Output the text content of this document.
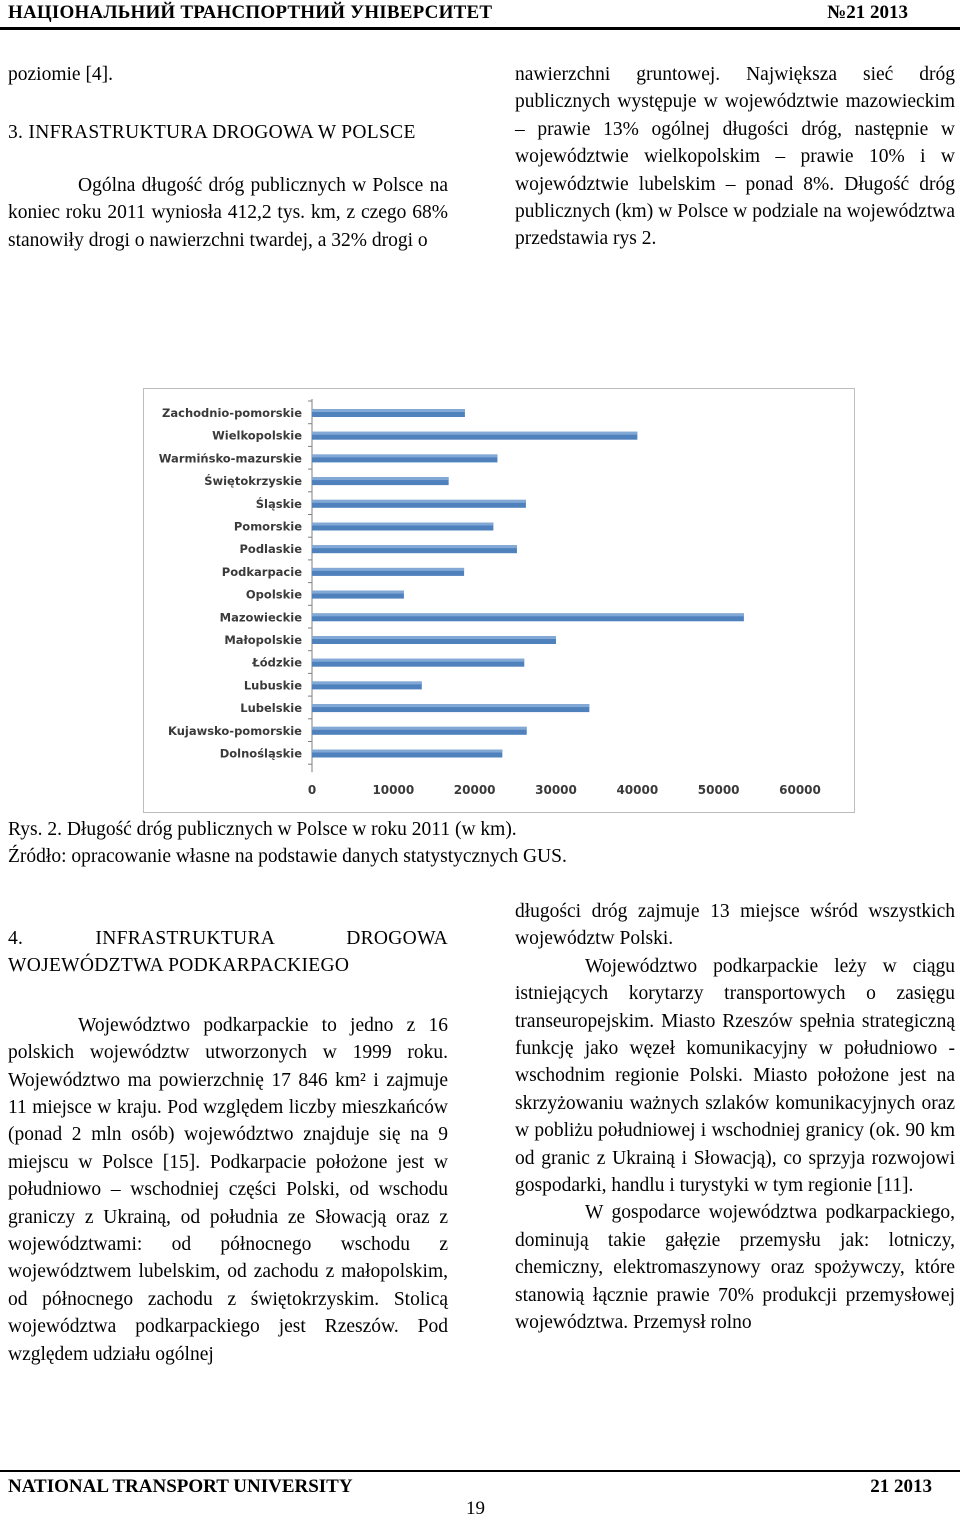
НАЦІОНАЛЬНИЙ ТРАНСПОРТНИЙ УНІВЕРСИТЕТ	№21 2013

poziomie [4].

3. INFRASTRUKTURA DROGOWA W POLSCE

Ogólna długość dróg publicznych w Polsce na koniec roku 2011 wyniosła 412,2 tys. km, z czego 68% stanowiły drogi o nawierzchni twardej, a 32% drogi o

nawierzchni gruntowej. Największa sieć dróg publicznych występuje w województwie mazowieckim – prawie 13% ogólnej długości dróg, następnie w województwie wielkopolskim – prawie 10% i w województwie lubelskim – ponad 8%. Długość dróg publicznych (km) w Polsce w podziale na województwa przedstawia rys 2.

Zachodnio-pomorskie
Wielkopolskie
Warmińsko-mazurskie
Świętokrzyskie
Śląskie
Pomorskie
Podlaskie
Podkarpacie
Opolskie
Mazowieckie
Małopolskie
Łódzkie
Lubuskie
Lubelskie
Kujawsko-pomorskie
Dolnośląskie
0	10000	20000	30000	40000	50000	60000
Rys. 2. Długość dróg publicznych w Polsce w roku 2011 (w km).
Źródło: opracowanie własne na podstawie danych statystycznych GUS.

4. INFRASTRUKTURA DROGOWA WOJEWÓDZTWA PODKARPACKIEGO

Województwo podkarpackie to jedno z 16 polskich województw utworzonych w 1999 roku. Województwo ma powierzchnię 17 846 km² i zajmuje 11 miejsce w kraju. Pod względem liczby mieszkańców (ponad 2 mln osób) województwo znajduje się na 9 miejscu w Polsce [15]. Podkarpacie położone jest w południowo – wschodniej części Polski, od wschodu graniczy z Ukrainą, od południa ze Słowacją oraz z województwami: od północnego wschodu z województwem lubelskim, od zachodu z małopolskim, od północnego zachodu z świętokrzyskim. Stolicą województwa podkarpackiego jest Rzeszów. Pod względem udziału ogólnej

długości dróg zajmuje 13 miejsce wśród wszystkich województw Polski.

Województwo podkarpackie leży w ciągu istniejących korytarzy transportowych o zasięgu transeuropejskim. Miasto Rzeszów spełnia strategiczną funkcję jako węzeł komunikacyjny w południowo - wschodnim regionie Polski. Miasto położone jest na skrzyżowaniu ważnych szlaków komunikacyjnych oraz w pobliżu południowej i wschodniej granicy (ok. 90 km od granic z Ukrainą i Słowacją), co sprzyja rozwojowi gospodarki, handlu i turystyki w tym regionie [11].

W gospodarce województwa podkarpackiego, dominują takie gałęzie przemysłu jak: lotniczy, chemiczny, elektromaszynowy oraz spożywczy, które stanowią łącznie prawie 70% produkcji przemysłowej województwa. Przemysł rolno

NATIONAL TRANSPORT UNIVERSITY	21 2013
19
